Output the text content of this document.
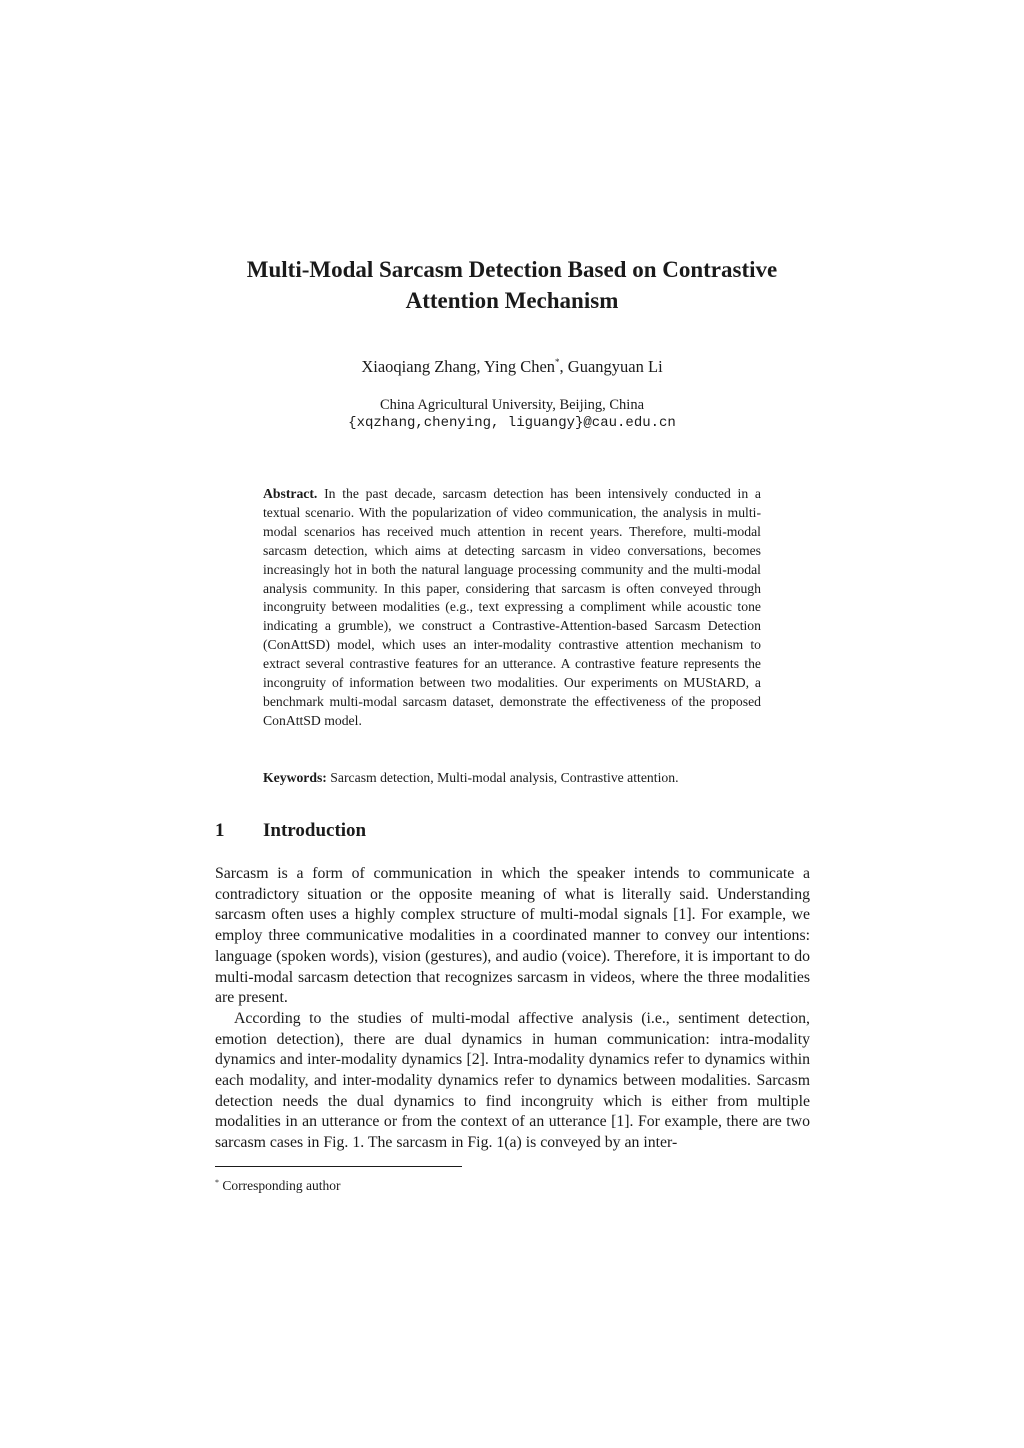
Multi-Modal Sarcasm Detection Based on Contrastive
Attention Mechanism
Xiaoqiang Zhang, Ying Chen*, Guangyuan Li
China Agricultural University, Beijing, China
{xqzhang,chenying, liguangy}@cau.edu.cn
Abstract. In the past decade, sarcasm detection has been intensively conducted in a textual scenario. With the popularization of video communication, the analysis in multi-modal scenarios has received much attention in recent years. Therefore, multi-modal sarcasm detection, which aims at detecting sarcasm in video conversations, becomes increasingly hot in both the natural language processing community and the multi-modal analysis community. In this paper, considering that sarcasm is often conveyed through incongruity between modalities (e.g., text expressing a compliment while acoustic tone indicating a grumble), we construct a Contrastive-Attention-based Sarcasm Detection (ConAttSD) model, which uses an inter-modality contrastive attention mechanism to extract several contrastive features for an utterance. A contrastive feature represents the incongruity of information between two modalities. Our experiments on MUStARD, a benchmark multi-modal sarcasm dataset, demonstrate the effectiveness of the proposed ConAttSD model.
Keywords: Sarcasm detection, Multi-modal analysis, Contrastive attention.
1 Introduction

Sarcasm is a form of communication in which the speaker intends to communicate a contradictory situation or the opposite meaning of what is literally said. Understanding sarcasm often uses a highly complex structure of multi-modal signals [1]. For example, we employ three communicative modalities in a coordinated manner to convey our intentions: language (spoken words), vision (gestures), and audio (voice). Therefore, it is important to do multi-modal sarcasm detection that recognizes sarcasm in videos, where the three modalities are present.

According to the studies of multi-modal affective analysis (i.e., sentiment detection, emotion detection), there are dual dynamics in human communication: intra-modality dynamics and inter-modality dynamics [2]. Intra-modality dynamics refer to dynamics within each modality, and inter-modality dynamics refer to dynamics between modalities. Sarcasm detection needs the dual dynamics to find incongruity which is either from multiple modalities in an utterance or from the context of an utterance [1]. For example, there are two sarcasm cases in Fig. 1. The sarcasm in Fig. 1(a) is conveyed by an inter-

* Corresponding author
